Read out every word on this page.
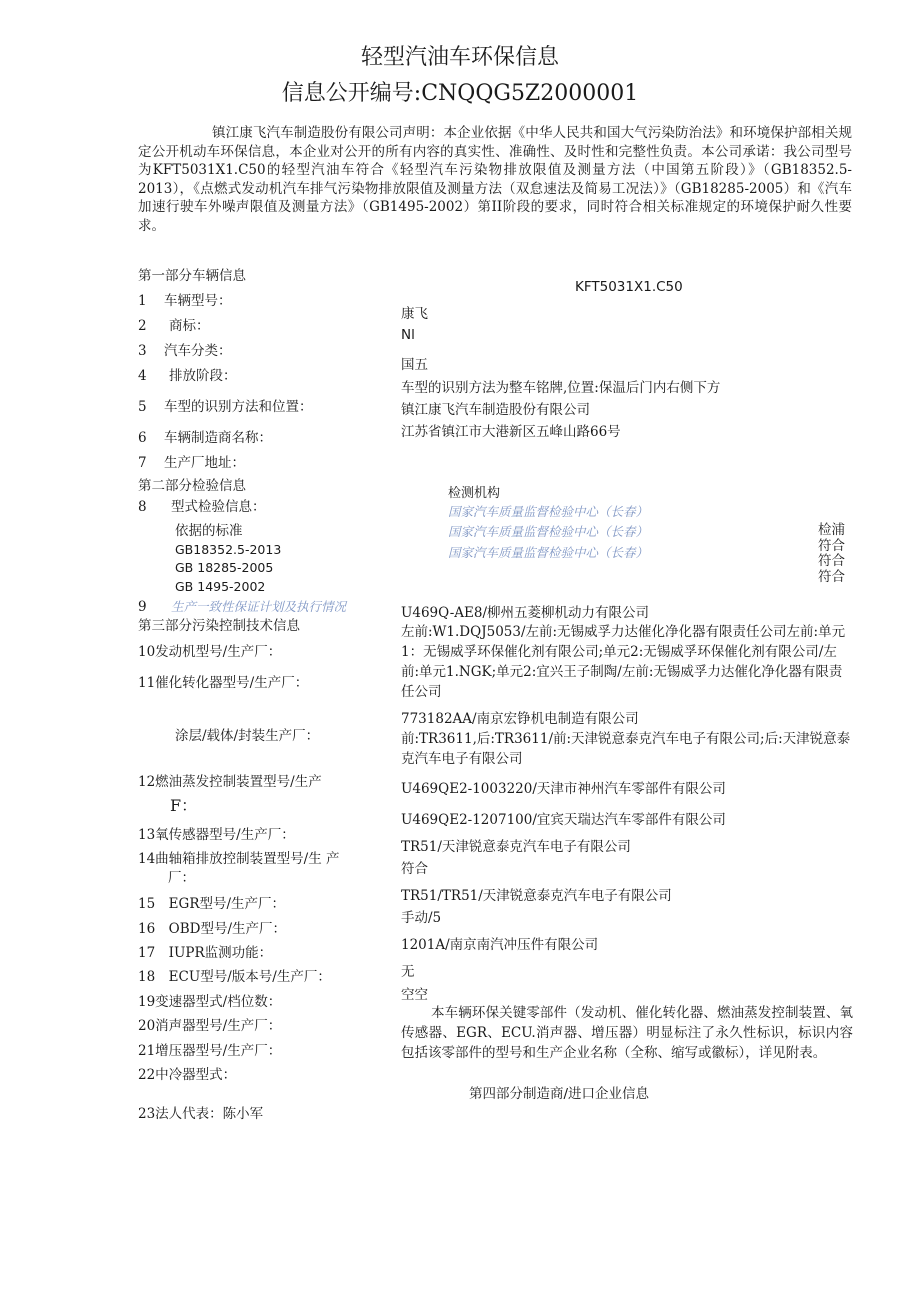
轻型汽油车环保信息
信息公开编号:CNQQG5Z2000001
镇江康飞汽车制造股份有限公司声明：本企业依据《中华人民共和国大气污染防治法》和环境保护部相关规定公开机动车环保信息，本企业对公开的所有内容的真实性、准确性、及时性和完整性负责。本公司承诺：我公司型号为KFT5031X1.C50的轻型汽油车符合《轻型汽车污染物排放限值及测量方法（中国第五阶段）》（GB18352.5-2013），《点燃式发动机汽车排气污染物排放限值及测量方法（双怠速法及简易工况法）》（GB18285-2005）和《汽车加速行驶车外噪声限值及测量方法》（GB1495-2002）第II阶段的要求，同时符合相关标准规定的环境保护耐久性要求。
第一部分车辆信息
1 车辆型号：
2 商标：
3 汽车分类：
4 排放阶段：
5 车型的识别方法和位置：
6 车辆制造商名称：
7 生产厂地址：
KFT5031X1.C50
康飞
Nl
国五
车型的识别方法为整车铭牌,位置:保温后门内右侧下方
镇江康飞汽车制造股份有限公司
江苏省镇江市大港新区五峰山路66号
第二部分检验信息
8 型式检验信息：
依据的标准
GB18352.5-2013
GB 18285-2005
GB 1495-2002
检测机构
国家汽车质量监督检验中心（长春）
国家汽车质量监督检验中心（长春）
国家汽车质量监督检验中心（长春）
检浦
符合
符合
符合
9 生产一致性保证计划及执行情况
第三部分污染控制技术信息
10发动机型号/生产厂：
11催化转化器型号/生产厂：
涂层/载体/封装生产厂：
12燃油蒸发控制装置型号/生产
F：
13氧传感器型号/生产厂：
14曲轴箱排放控制装置型号/生 产
厂：
15　EGR型号/生产厂：
16　OBD型号/生产厂：
17　IUPR监测功能：
18　ECU型号/版本号/生产厂：
19变速器型式/档位数：
20消声器型号/生产厂：
21增压器型号/生产厂：
22中冷器型式：
23法人代表：陈小军
U469Q-AE8/柳州五菱柳机动力有限公司
左前:W1.DQJ5053/左前:无锡威孚力达催化净化器有限责任公司左前:单元1：无锡威孚环保催化剂有限公司;单元2:无锡威孚环保催化剂有限公司/左前:单元1.NGK;单元2:宜兴王子制陶/左前:无锡威孚力达催化净化器有限责任公司
773182AA/南京宏铮机电制造有限公司
前:TR3611,后:TR3611/前:天津锐意泰克汽车电子有限公司;后:天津锐意泰克汽车电子有限公司
U469QE2-1003220/天津市神州汽车零部件有限公司
U469QE2-1207100/宜宾天瑞达汽车零部件有限公司
TR51/天津锐意泰克汽车电子有限公司
符合
TR51/TR51/天津锐意泰克汽车电子有限公司
手动/5
1201A/南京南汽冲压件有限公司
无
空空
本车辆环保关键零部件（发动机、催化转化器、燃油蒸发控制装置、氧传感器、EGR、ECU.消声器、增压器）明显标注了永久性标识，标识内容包括该零部件的型号和生产企业名称（全称、缩写或徽标），详见附表。
第四部分制造商/进口企业信息
